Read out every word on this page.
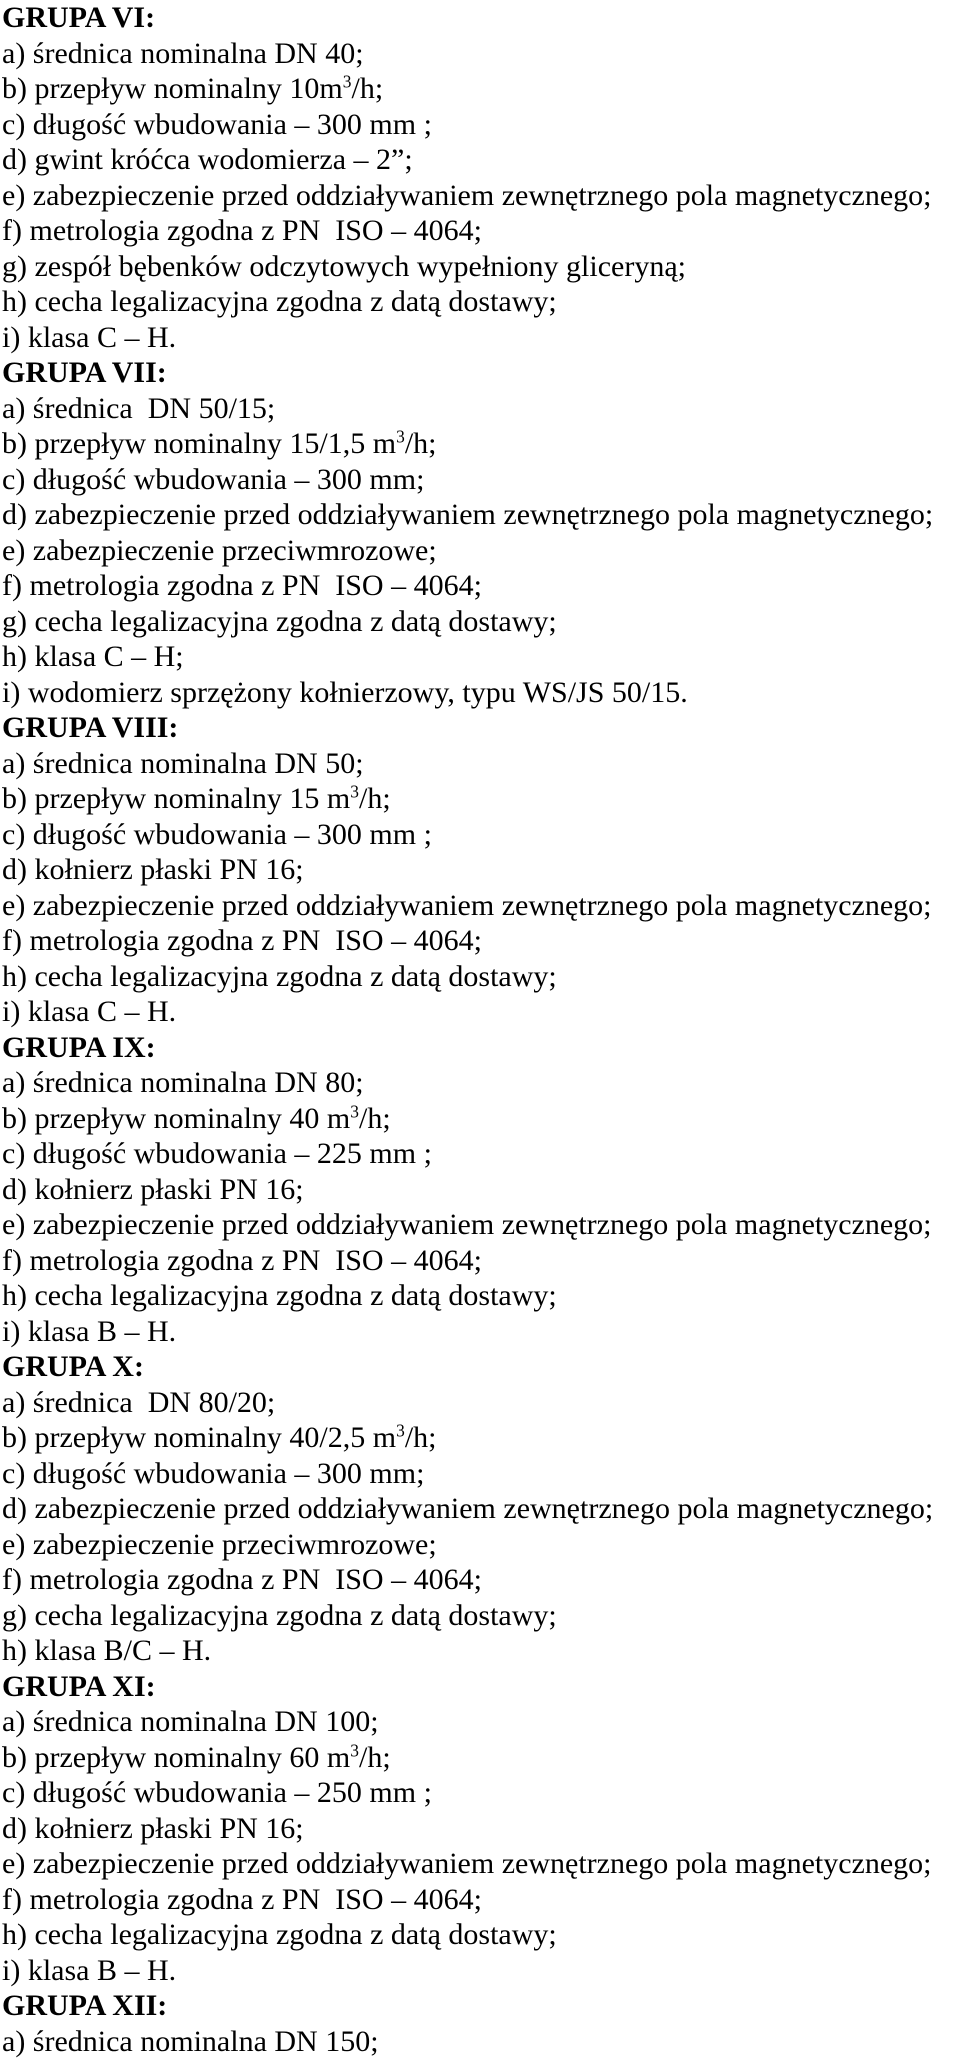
GRUPA VI:
a) średnica nominalna DN 40;
b) przepływ nominalny $10m^3/h$;
c) długość wbudowania – 300 mm ;
d) gwint króćca wodomierza – 2”;
e) zabezpieczenie przed oddziaływaniem zewnętrznego pola magnetycznego;
f) metrologia zgodna z PN  ISO – 4064;
g) zespół bębenków odczytowych wypełniony gliceryną;
h) cecha legalizacyjna zgodna z datą dostawy;
i) klasa C – H.
GRUPA VII:
a) średnica  DN 50/15;
b) przepływ nominalny 15/1,5 $m^3/h$;
c) długość wbudowania – 300 mm;
d) zabezpieczenie przed oddziaływaniem zewnętrznego pola magnetycznego;
e) zabezpieczenie przeciwmrozowe;
f) metrologia zgodna z PN  ISO – 4064;
g) cecha legalizacyjna zgodna z datą dostawy;
h) klasa C – H;
i) wodomierz sprzężony kołnierzowy, typu WS/JS 50/15.
GRUPA VIII:
a) średnica nominalna DN 50;
b) przepływ nominalny 15 $m^3/h$;
c) długość wbudowania – 300 mm ;
d) kołnierz płaski PN 16;
e) zabezpieczenie przed oddziaływaniem zewnętrznego pola magnetycznego;
f) metrologia zgodna z PN  ISO – 4064;
h) cecha legalizacyjna zgodna z datą dostawy;
i) klasa C – H.
GRUPA IX:
a) średnica nominalna DN 80;
b) przepływ nominalny 40 $m^3/h$;
c) długość wbudowania – 225 mm ;
d) kołnierz płaski PN 16;
e) zabezpieczenie przed oddziaływaniem zewnętrznego pola magnetycznego;
f) metrologia zgodna z PN  ISO – 4064;
h) cecha legalizacyjna zgodna z datą dostawy;
i) klasa B – H.
GRUPA X:
a) średnica  DN 80/20;
b) przepływ nominalny 40/2,5 $m^3/h$;
c) długość wbudowania – 300 mm;
d) zabezpieczenie przed oddziaływaniem zewnętrznego pola magnetycznego;
e) zabezpieczenie przeciwmrozowe;
f) metrologia zgodna z PN  ISO – 4064;
g) cecha legalizacyjna zgodna z datą dostawy;
h) klasa B/C – H.
GRUPA XI:
a) średnica nominalna DN 100;
b) przepływ nominalny 60 $m^3/h$;
c) długość wbudowania – 250 mm ;
d) kołnierz płaski PN 16;
e) zabezpieczenie przed oddziaływaniem zewnętrznego pola magnetycznego;
f) metrologia zgodna z PN  ISO – 4064;
h) cecha legalizacyjna zgodna z datą dostawy;
i) klasa B – H.
GRUPA XII:
a) średnica nominalna DN 150;
